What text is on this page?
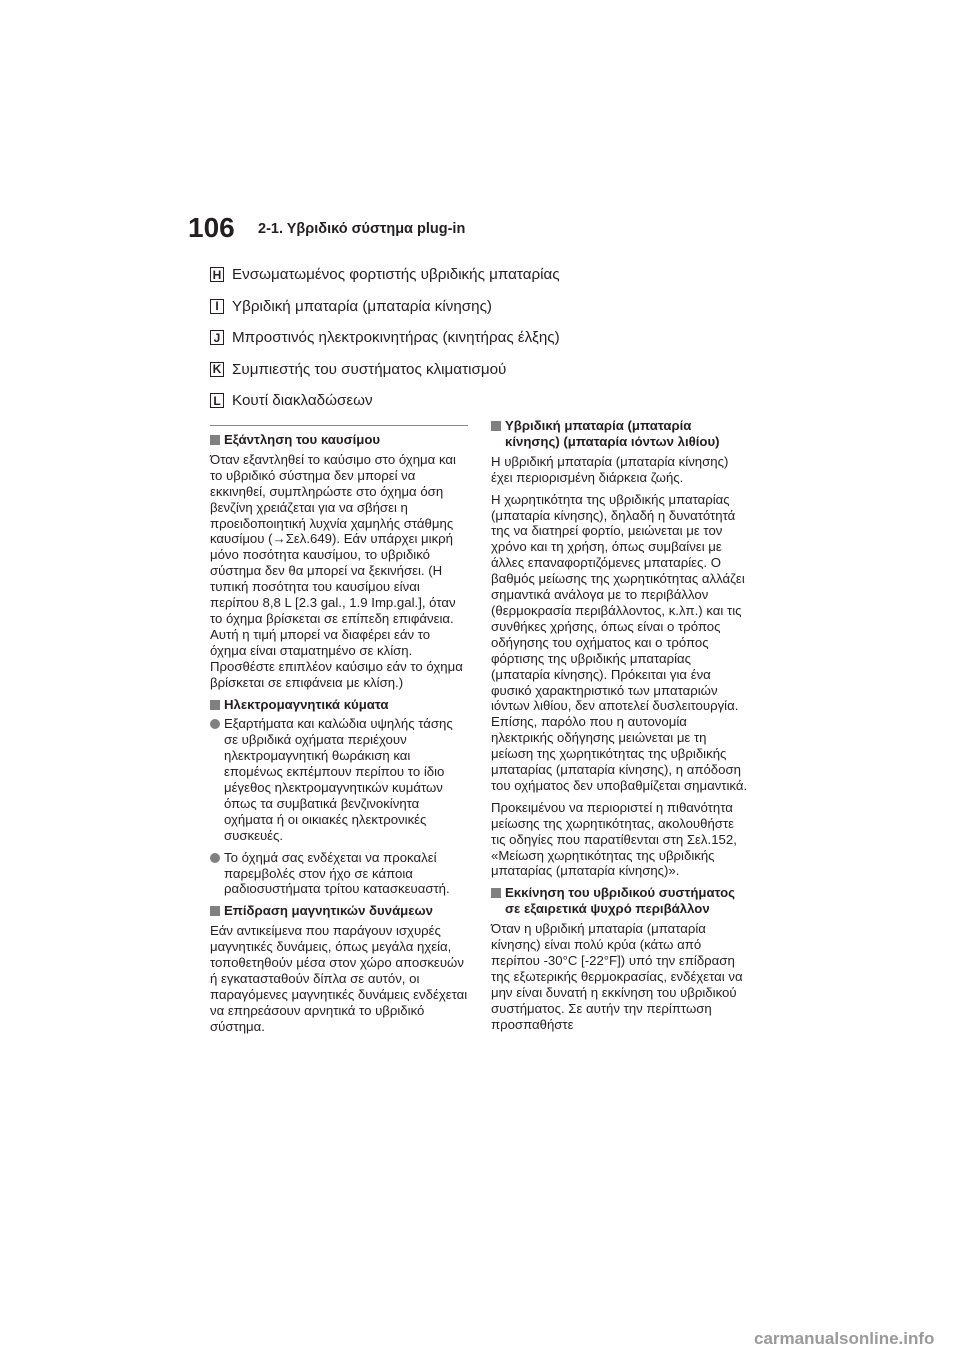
106 2-1. Υβριδικό σύστημα plug-in
H Ενσωματωμένος φορτιστής υβριδικής μπαταρίας
I Υβριδική μπαταρία (μπαταρία κίνησης)
J Μπροστινός ηλεκτροκινητήρας (κινητήρας έλξης)
K Συμπιεστής του συστήματος κλιματισμού
L Κουτί διακλαδώσεων
Εξάντληση του καυσίμου

Όταν εξαντληθεί το καύσιμο στο όχημα και το υβριδικό σύστημα δεν μπορεί να εκκινηθεί, συμπληρώστε στο όχημα όση βενζίνη χρειάζεται για να σβήσει η προειδοποιητική λυχνία χαμηλής στάθμης καυσίμου (→Σελ.649). Εάν υπάρχει μικρή μόνο ποσότητα καυσίμου, το υβριδικό σύστημα δεν θα μπορεί να ξεκινήσει. (Η τυπική ποσότητα του καυσίμου είναι περίπου 8,8 L [2.3 gal., 1.9 Imp.gal.], όταν το όχημα βρίσκεται σε επίπεδη επιφάνεια. Αυτή η τιμή μπορεί να διαφέρει εάν το όχημα είναι σταματημένο σε κλίση. Προσθέστε επιπλέον καύσιμο εάν το όχημα βρίσκεται σε επιφάνεια με κλίση.)

Ηλεκτρομαγνητικά κύματα
Εξαρτήματα και καλώδια υψηλής τάσης σε υβριδικά οχήματα περιέχουν ηλεκτρομαγνητική θωράκιση και επομένως εκπέμπουν περίπου το ίδιο μέγεθος ηλεκτρομαγνητικών κυμάτων όπως τα συμβατικά βενζινοκίνητα οχήματα ή οι οικιακές ηλεκτρονικές συσκευές.
Το όχημά σας ενδέχεται να προκαλεί παρεμβολές στον ήχο σε κάποια ραδιοσυστήματα τρίτου κατασκευαστή.
Επίδραση μαγνητικών δυνάμεων

Εάν αντικείμενα που παράγουν ισχυρές μαγνητικές δυνάμεις, όπως μεγάλα ηχεία, τοποθετηθούν μέσα στον χώρο αποσκευών ή εγκατασταθούν δίπλα σε αυτόν, οι παραγόμενες μαγνητικές δυνάμεις ενδέχεται να επηρεάσουν αρνητικά το υβριδικό σύστημα.

Υβριδική μπαταρία (μπαταρία κίνησης) (μπαταρία ιόντων λιθίου)

Η υβριδική μπαταρία (μπαταρία κίνησης) έχει περιορισμένη διάρκεια ζωής.

Η χωρητικότητα της υβριδικής μπαταρίας (μπαταρία κίνησης), δηλαδή η δυνατότητά της να διατηρεί φορτίο, μειώνεται με τον χρόνο και τη χρήση, όπως συμβαίνει με άλλες επαναφορτιζόμενες μπαταρίες. Ο βαθμός μείωσης της χωρητικότητας αλλάζει σημαντικά ανάλογα με το περιβάλλον (θερμοκρασία περιβάλλοντος, κ.λπ.) και τις συνθήκες χρήσης, όπως είναι ο τρόπος οδήγησης του οχήματος και ο τρόπος φόρτισης της υβριδικής μπαταρίας (μπαταρία κίνησης). Πρόκειται για ένα φυσικό χαρακτηριστικό των μπαταριών ιόντων λιθίου, δεν αποτελεί δυσλειτουργία. Επίσης, παρόλο που η αυτονομία ηλεκτρικής οδήγησης μειώνεται με τη μείωση της χωρητικότητας της υβριδικής μπαταρίας (μπαταρία κίνησης), η απόδοση του οχήματος δεν υποβαθμίζεται σημαντικά.

Προκειμένου να περιοριστεί η πιθανότητα μείωσης της χωρητικότητας, ακολουθήστε τις οδηγίες που παρατίθενται στη Σελ.152, «Μείωση χωρητικότητας της υβριδικής μπαταρίας (μπαταρία κίνησης)».

Εκκίνηση του υβριδικού συστήματος σε εξαιρετικά ψυχρό περιβάλλον

Όταν η υβριδική μπαταρία (μπαταρία κίνησης) είναι πολύ κρύα (κάτω από περίπου -30°C [-22°F]) υπό την επίδραση της εξωτερικής θερμοκρασίας, ενδέχεται να μην είναι δυνατή η εκκίνηση του υβριδικού συστήματος. Σε αυτήν την περίπτωση προσπαθήστε

carmanualsonline.info
